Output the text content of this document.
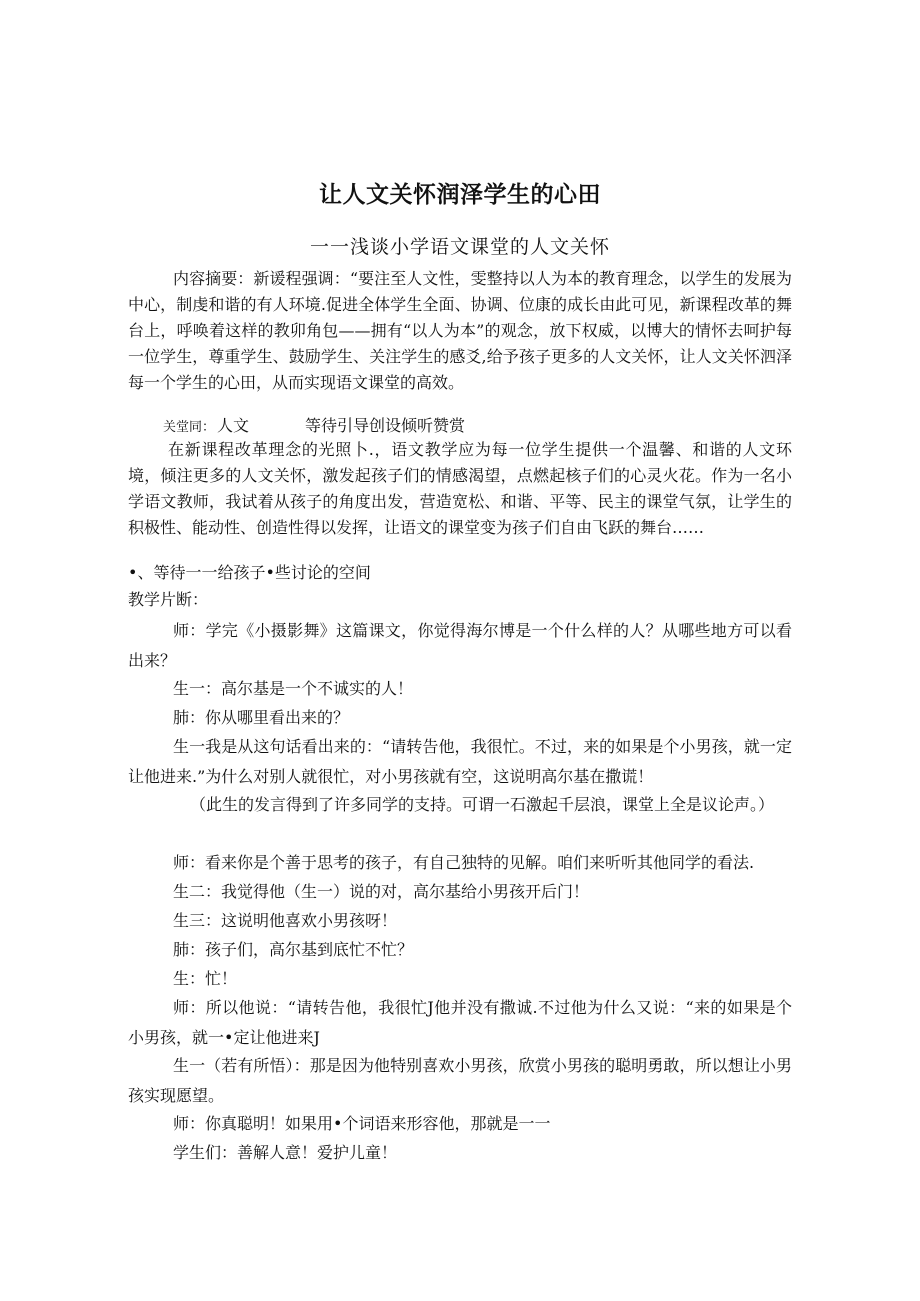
让人文关怀润泽学生的心田
一一浅谈小学语文课堂的人文关怀
内容摘要：新谖程强调：“要注至人文性，雯整持以人为本的教育理念，以学生的发展为中心，制虔和谐的有人环境.促进全体学生全面、协调、位康的成长由此可见，新课程改革的舞台上，呼唤着这样的教卯角包——拥有“以人为本”的观念，放下权威，以博大的情怀去呵护每一位学生，尊重学生、鼓励学生、关注学生的感爻,给予孩子更多的人文关怀，让人文关怀泗泽每一个学生的心田，从而实现语文课堂的高效。
关堂同： 人文	等待引导创设倾听赞赏
在新课程改革理念的光照卜.，语文教学应为每一位学生提供一个温馨、和谐的人文环境，倾注更多的人文关怀，激发起孩子们的情感渴望，点燃起核子们的心灵火花。作为一名小学语文教师，我试着从孩子的角度出发，营造宽松、和谐、平等、民主的课堂气氛，让学生的积极性、能动性、创造性得以发挥，让语文的课堂变为孩子们自由飞跃的舞台……
•、等待一一给孩子•些讨论的空间
教学片断：
师：学完《小摄影舞》这篇课文，你觉得海尔博是一个什么样的人？从哪些地方可以看出来？
生一：高尔基是一个不诚实的人！
肺：你从哪里看出来的？
生一我是从这句话看出来的：“请转告他，我很忙。不过，来的如果是个小男孩，就一定让他进来.”为什么对别人就很忙，对小男孩就有空，这说明高尔基在撒谎！
（此生的发言得到了许多同学的支持。可谓一石激起千层浪，课堂上全是议论声。）
师：看来你是个善于思考的孩子，有自己独特的见解。咱们来听听其他同学的看法.
生二：我觉得他（生一）说的对，高尔基给小男孩开后门！
生三：这说明他喜欢小男孩呀！
肺：孩子们，高尔基到底忙不忙？
生：忙！
师：所以他说：“请转告他，我很忙J他并没有撒诚.不过他为什么又说：“来的如果是个小男孩，就一•定让他进来J
生一（若有所悟）：那是因为他特别喜欢小男孩，欣赏小男孩的聪明勇敢，所以想让小男孩实现愿望。
师：你真聪明！如果用•个词语来形容他，那就是一一
学生们：善解人意！爱护儿童！
